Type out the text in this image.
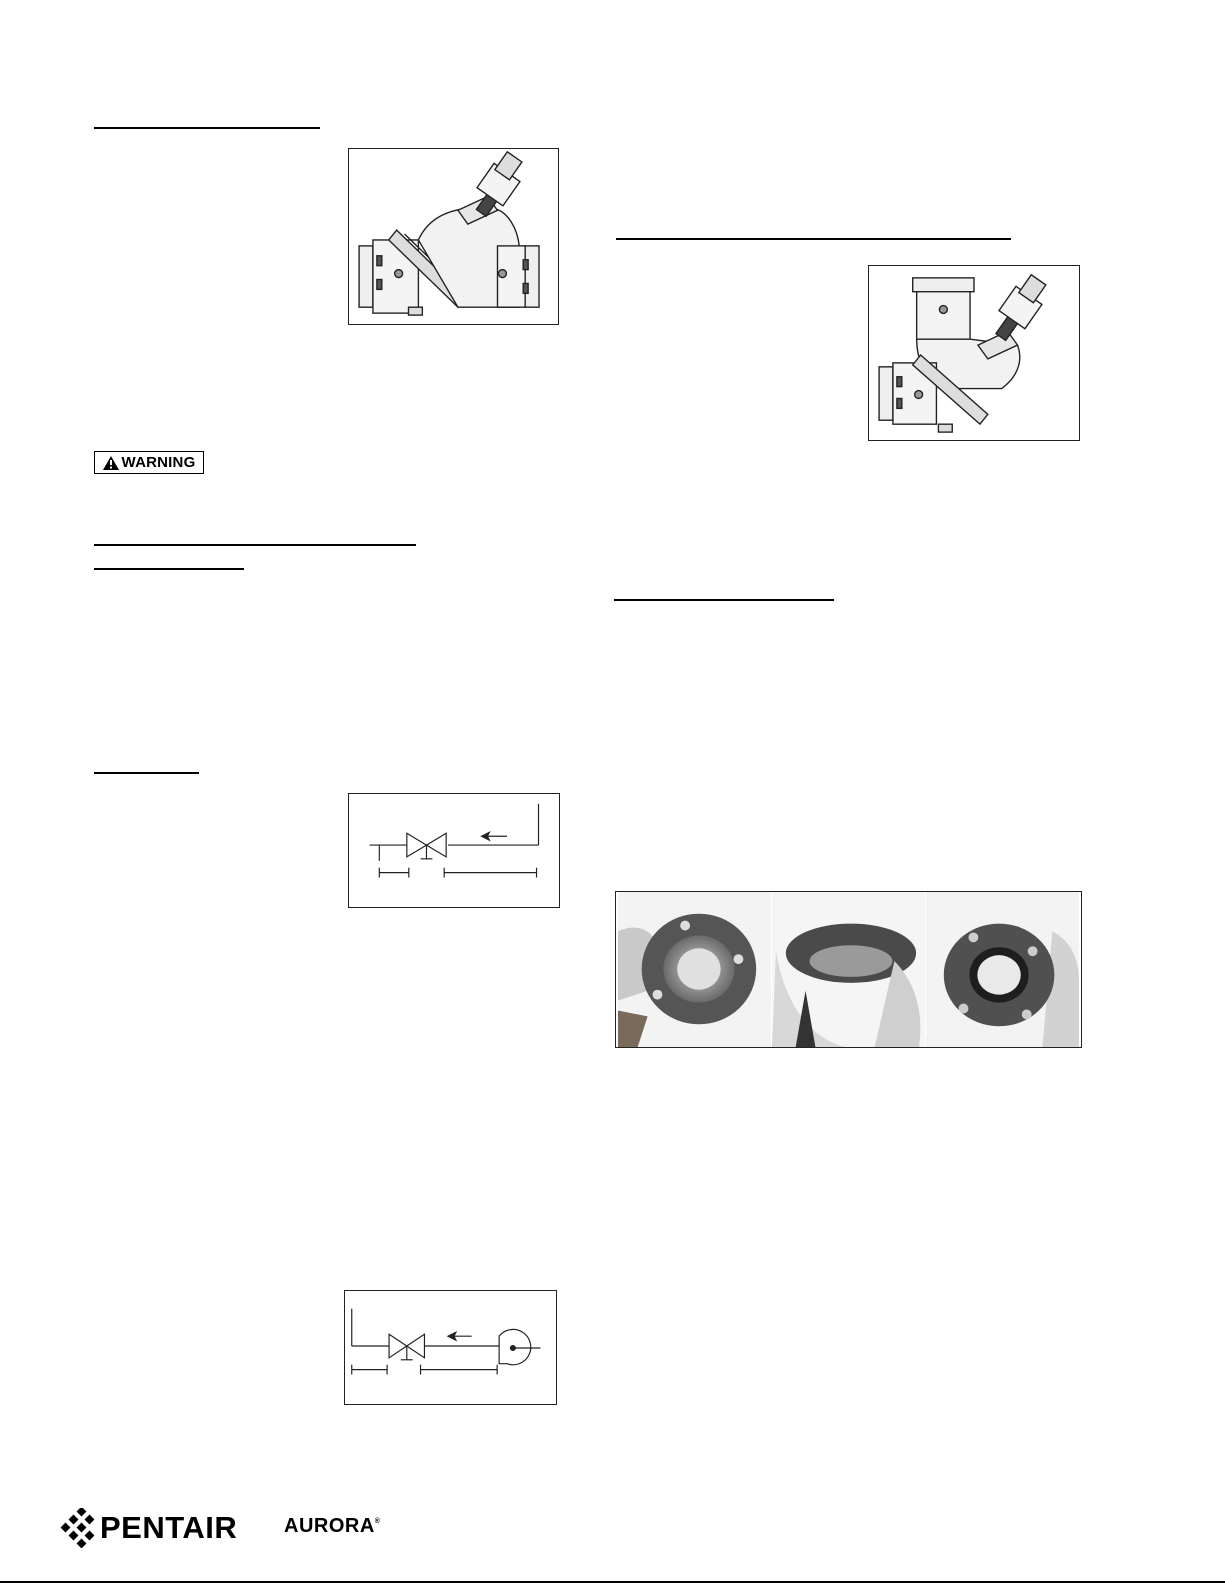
WARNING
PENTAIR AURORA®
